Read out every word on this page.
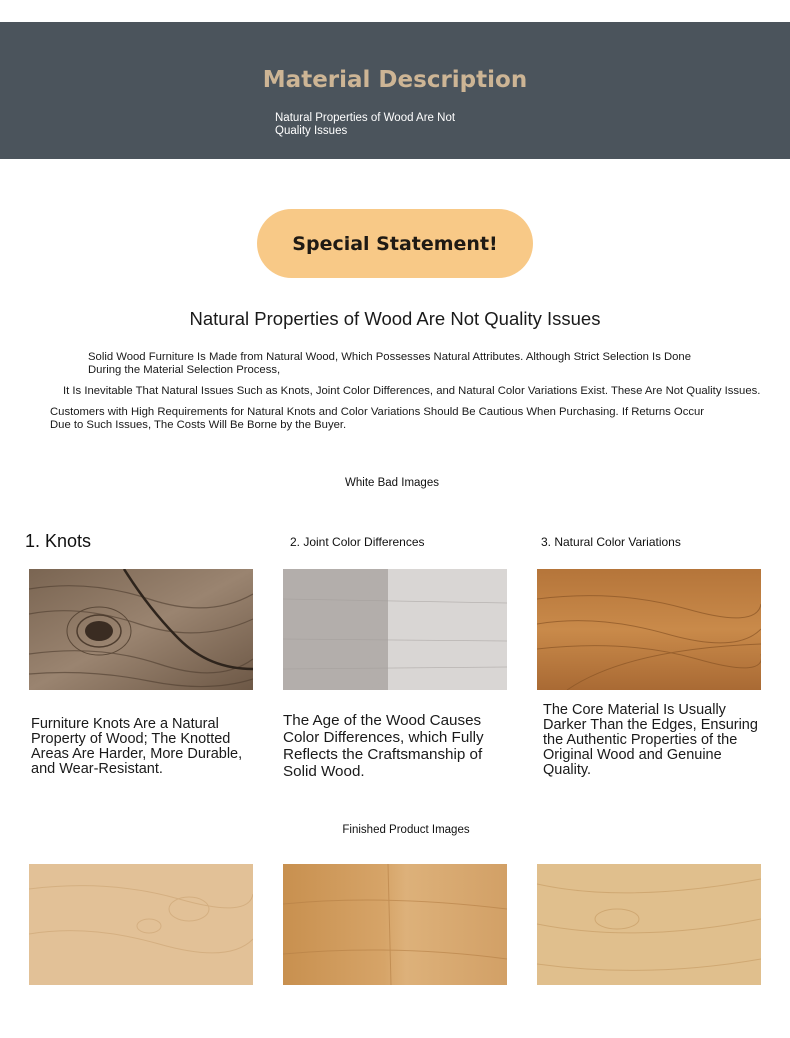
Material Description
Natural Properties of Wood Are Not Quality Issues
Special Statement!
Natural Properties of Wood Are Not Quality Issues
Solid Wood Furniture Is Made from Natural Wood, Which Possesses Natural Attributes. Although Strict Selection Is Done During the Material Selection Process,
It Is Inevitable That Natural Issues Such as Knots, Joint Color Differences, and Natural Color Variations Exist. These Are Not Quality Issues.
Customers with High Requirements for Natural Knots and Color Variations Should Be Cautious When Purchasing. If Returns Occur Due to Such Issues, The Costs Will Be Borne by the Buyer.
White Bad Images
1. Knots	2. Joint Color Differences	3. Natural Color Variations
Furniture Knots Are a Natural Property of Wood; The Knotted Areas Are Harder, More Durable, and Wear-Resistant.
The Age of the Wood Causes Color Differences, which Fully Reflects the Craftsmanship of Solid Wood.
The Core Material Is Usually Darker Than the Edges, Ensuring the Authentic Properties of the Original Wood and Genuine Quality.
Finished Product Images
